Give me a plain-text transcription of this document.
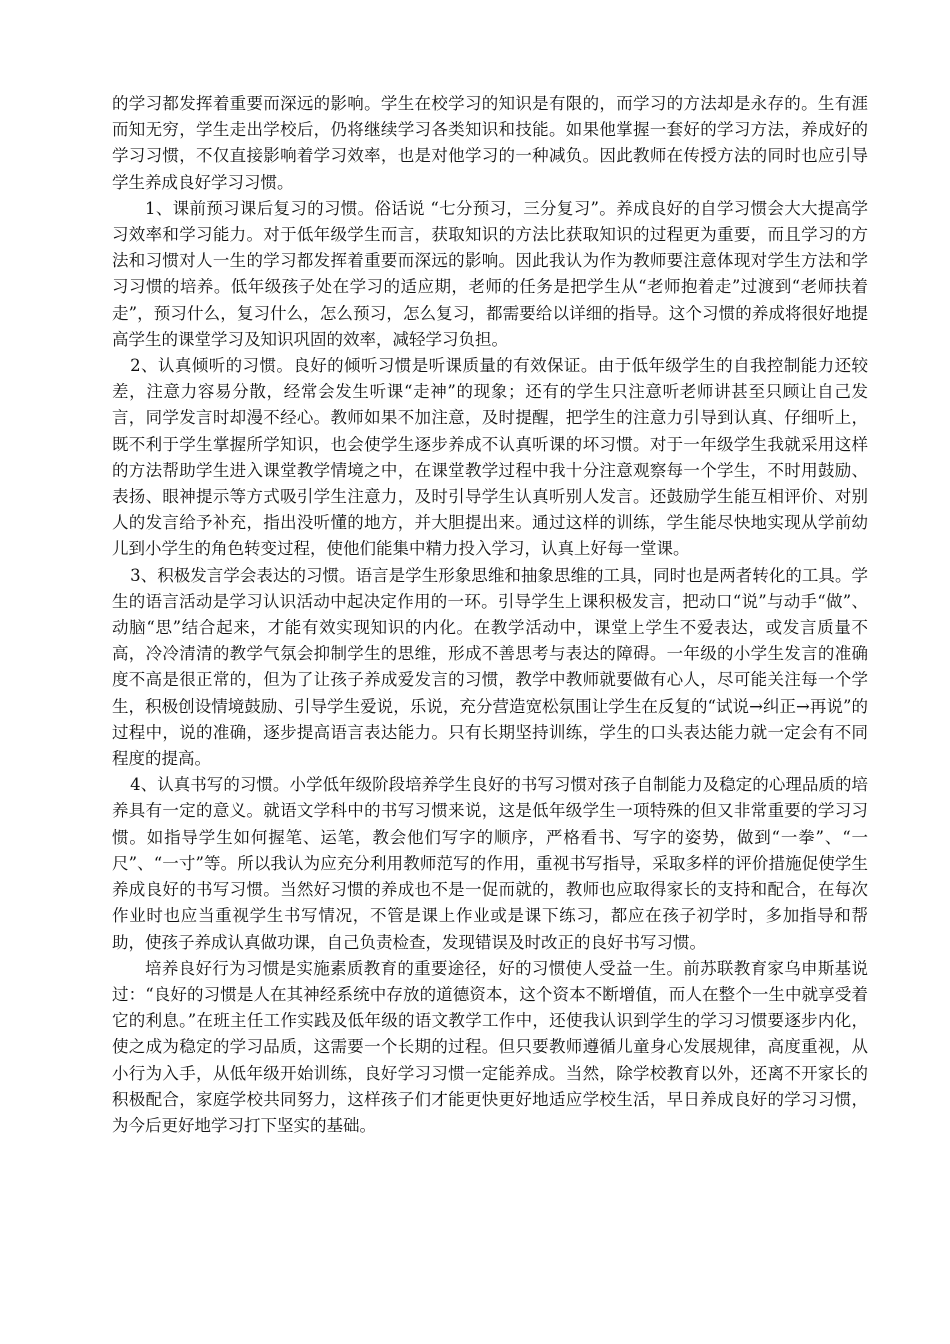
的学习都发挥着重要而深远的影响。学生在校学习的知识是有限的，而学习的方法却是永存的。生有涯而知无穷，学生走出学校后，仍将继续学习各类知识和技能。如果他掌握一套好的学习方法，养成好的学习习惯，不仅直接影响着学习效率，也是对他学习的一种减负。因此教师在传授方法的同时也应引导学生养成良好学习习惯。

1、课前预习课后复习的习惯。俗话说 “七分预习，三分复习”。养成良好的自学习惯会大大提高学习效率和学习能力。对于低年级学生而言，获取知识的方法比获取知识的过程更为重要，而且学习的方法和习惯对人一生的学习都发挥着重要而深远的影响。因此我认为作为教师要注意体现对学生方法和学习习惯的培养。低年级孩子处在学习的适应期，老师的任务是把学生从“老师抱着走”过渡到“老师扶着走”，预习什么，复习什么，怎么预习，怎么复习，都需要给以详细的指导。这个习惯的养成将很好地提高学生的课堂学习及知识巩固的效率，减轻学习负担。

2、认真倾听的习惯。良好的倾听习惯是听课质量的有效保证。由于低年级学生的自我控制能力还较差，注意力容易分散，经常会发生听课“走神”的现象；还有的学生只注意听老师讲甚至只顾让自己发言，同学发言时却漫不经心。教师如果不加注意，及时提醒，把学生的注意力引导到认真、仔细听上，既不利于学生掌握所学知识，也会使学生逐步养成不认真听课的坏习惯。对于一年级学生我就采用这样的方法帮助学生进入课堂教学情境之中，在课堂教学过程中我十分注意观察每一个学生，不时用鼓励、表扬、眼神提示等方式吸引学生注意力，及时引导学生认真听别人发言。还鼓励学生能互相评价、对别人的发言给予补充，指出没听懂的地方，并大胆提出来。通过这样的训练，学生能尽快地实现从学前幼儿到小学生的角色转变过程，使他们能集中精力投入学习，认真上好每一堂课。

3、积极发言学会表达的习惯。语言是学生形象思维和抽象思维的工具，同时也是两者转化的工具。学生的语言活动是学习认识活动中起决定作用的一环。引导学生上课积极发言，把动口“说”与动手“做”、动脑“思”结合起来，才能有效实现知识的内化。在教学活动中，课堂上学生不爱表达，或发言质量不高，冷冷清清的教学气氛会抑制学生的思维，形成不善思考与表达的障碍。一年级的小学生发言的准确度不高是很正常的，但为了让孩子养成爱发言的习惯，教学中教师就要做有心人，尽可能关注每一个学生，积极创设情境鼓励、引导学生爱说，乐说，充分营造宽松氛围让学生在反复的“试说→纠正→再说”的过程中，说的准确，逐步提高语言表达能力。只有长期坚持训练，学生的口头表达能力就一定会有不同程度的提高。

4、认真书写的习惯。小学低年级阶段培养学生良好的书写习惯对孩子自制能力及稳定的心理品质的培养具有一定的意义。就语文学科中的书写习惯来说，这是低年级学生一项特殊的但又非常重要的学习习惯。如指导学生如何握笔、运笔，教会他们写字的顺序，严格看书、写字的姿势，做到“一拳”、“一尺”、“一寸”等。所以我认为应充分利用教师范写的作用，重视书写指导，采取多样的评价措施促使学生养成良好的书写习惯。当然好习惯的养成也不是一促而就的，教师也应取得家长的支持和配合，在每次作业时也应当重视学生书写情况，不管是课上作业或是课下练习，都应在孩子初学时，多加指导和帮助，使孩子养成认真做功课，自己负责检查，发现错误及时改正的良好书写习惯。

培养良好行为习惯是实施素质教育的重要途径，好的习惯使人受益一生。前苏联教育家乌申斯基说过：“良好的习惯是人在其神经系统中存放的道德资本，这个资本不断增值，而人在整个一生中就享受着它的利息。”在班主任工作实践及低年级的语文教学工作中，还使我认识到学生的学习习惯要逐步内化，使之成为稳定的学习品质，这需要一个长期的过程。但只要教师遵循儿童身心发展规律，高度重视，从小行为入手，从低年级开始训练，良好学习习惯一定能养成。当然，除学校教育以外，还离不开家长的积极配合，家庭学校共同努力，这样孩子们才能更快更好地适应学校生活，早日养成良好的学习习惯，为今后更好地学习打下坚实的基础。
